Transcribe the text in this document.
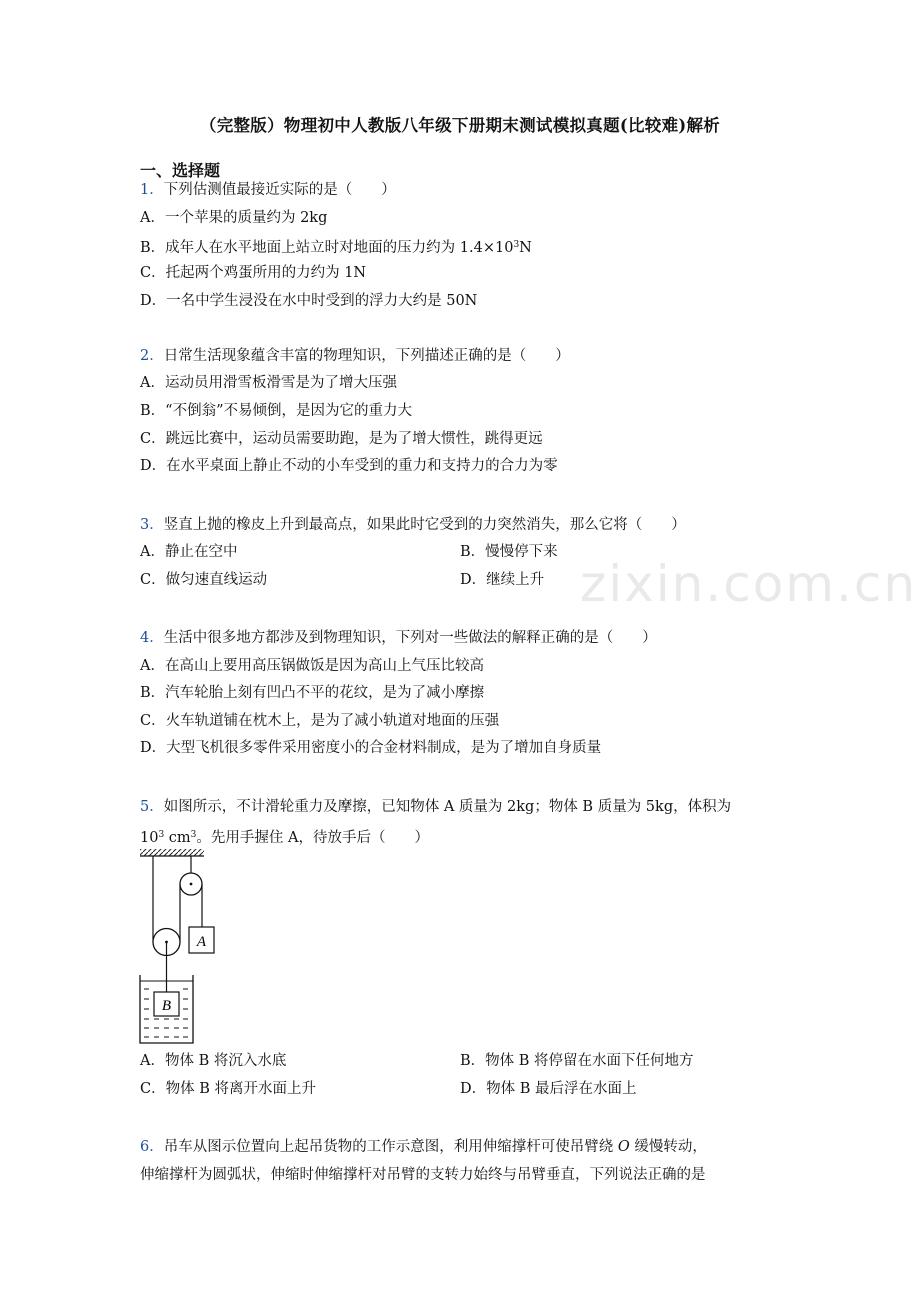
（完整版）物理初中人教版八年级下册期末测试模拟真题(比较难)解析
zixin.com.cn
一、选择题
1．下列估测值最接近实际的是（　　）
A．一个苹果的质量约为 2kg
B．成年人在水平地面上站立时对地面的压力约为 $1.4\times 10^3N$
C．托起两个鸡蛋所用的力约为 1N
D．一名中学生浸没在水中时受到的浮力大约是 50N
2．日常生活现象蕴含丰富的物理知识，下列描述正确的是（　　）
A．运动员用滑雪板滑雪是为了增大压强
B．“不倒翁”不易倾倒，是因为它的重力大
C．跳远比赛中，运动员需要助跑，是为了增大惯性，跳得更远
D．在水平桌面上静止不动的小车受到的重力和支持力的合力为零
3．竖直上抛的橡皮上升到最高点，如果此时它受到的力突然消失，那么它将（　　）
A．静止在空中	B．慢慢停下来
C．做匀速直线运动	D．继续上升
4．生活中很多地方都涉及到物理知识，下列对一些做法的解释正确的是（　　）
A．在高山上要用高压锅做饭是因为高山上气压比较高
B．汽车轮胎上刻有凹凸不平的花纹，是为了减小摩擦
C．火车轨道铺在枕木上，是为了减小轨道对地面的压强
D．大型飞机很多零件采用密度小的合金材料制成，是为了增加自身质量
5．如图所示，不计滑轮重力及摩擦，已知物体 A 质量为 2kg；物体 B 质量为 5kg，体积为
$10^3$ $cm^3$。先用手握住 A，待放手后（　　）
A
B
A．物体 B 将沉入水底	B．物体 B 将停留在水面下任何地方
C．物体 B 将离开水面上升	D．物体 B 最后浮在水面上
6．吊车从图示位置向上起吊货物的工作示意图，利用伸缩撑杆可使吊臂绕 O 缓慢转动，
伸缩撑杆为圆弧状，伸缩时伸缩撑杆对吊臂的支转力始终与吊臂垂直，下列说法正确的是
